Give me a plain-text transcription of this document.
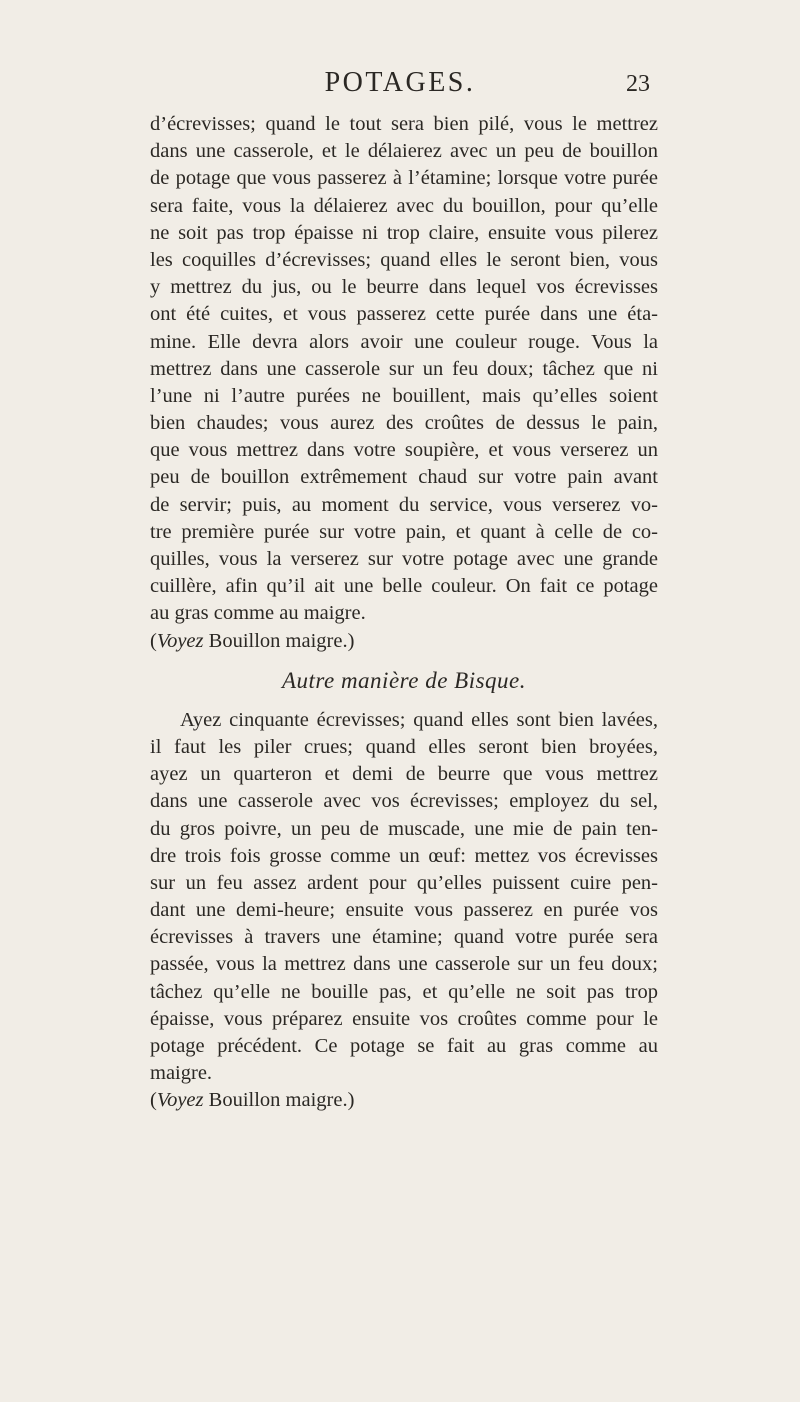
POTAGES.	23
d’écrevisses; quand le tout sera bien pilé, vous le mettrez
dans une casserole, et le délaierez avec un peu de bouillon
de potage que vous passerez à l’étamine; lorsque votre purée
sera faite, vous la délaierez avec du bouillon, pour qu’elle
ne soit pas trop épaisse ni trop claire, ensuite vous pilerez
les coquilles d’écrevisses; quand elles le seront bien, vous
y mettrez du jus, ou le beurre dans lequel vos écrevisses
ont été cuites, et vous passerez cette purée dans une éta-
mine. Elle devra alors avoir une couleur rouge. Vous la
mettrez dans une casserole sur un feu doux; tâchez que ni
l’une ni l’autre purées ne bouillent, mais qu’elles soient
bien chaudes; vous aurez des croûtes de dessus le pain,
que vous mettrez dans votre soupière, et vous verserez un
peu de bouillon extrêmement chaud sur votre pain avant
de servir; puis, au moment du service, vous verserez vo-
tre première purée sur votre pain, et quant à celle de co-
quilles, vous la verserez sur votre potage avec une grande
cuillère, afin qu’il ait une belle couleur. On fait ce potage
au gras comme au maigre.
(Voyez Bouillon maigre.)
Autre manière de Bisque.
Ayez cinquante écrevisses; quand elles sont bien lavées,
il faut les piler crues; quand elles seront bien broyées,
ayez un quarteron et demi de beurre que vous mettrez
dans une casserole avec vos écrevisses; employez du sel,
du gros poivre, un peu de muscade, une mie de pain ten-
dre trois fois grosse comme un œuf: mettez vos écrevisses
sur un feu assez ardent pour qu’elles puissent cuire pen-
dant une demi-heure; ensuite vous passerez en purée vos
écrevisses à travers une étamine; quand votre purée sera
passée, vous la mettrez dans une casserole sur un feu doux;
tâchez qu’elle ne bouille pas, et qu’elle ne soit pas trop
épaisse, vous préparez ensuite vos croûtes comme pour le
potage précédent. Ce potage se fait au gras comme au
maigre.
(Voyez Bouillon maigre.)
